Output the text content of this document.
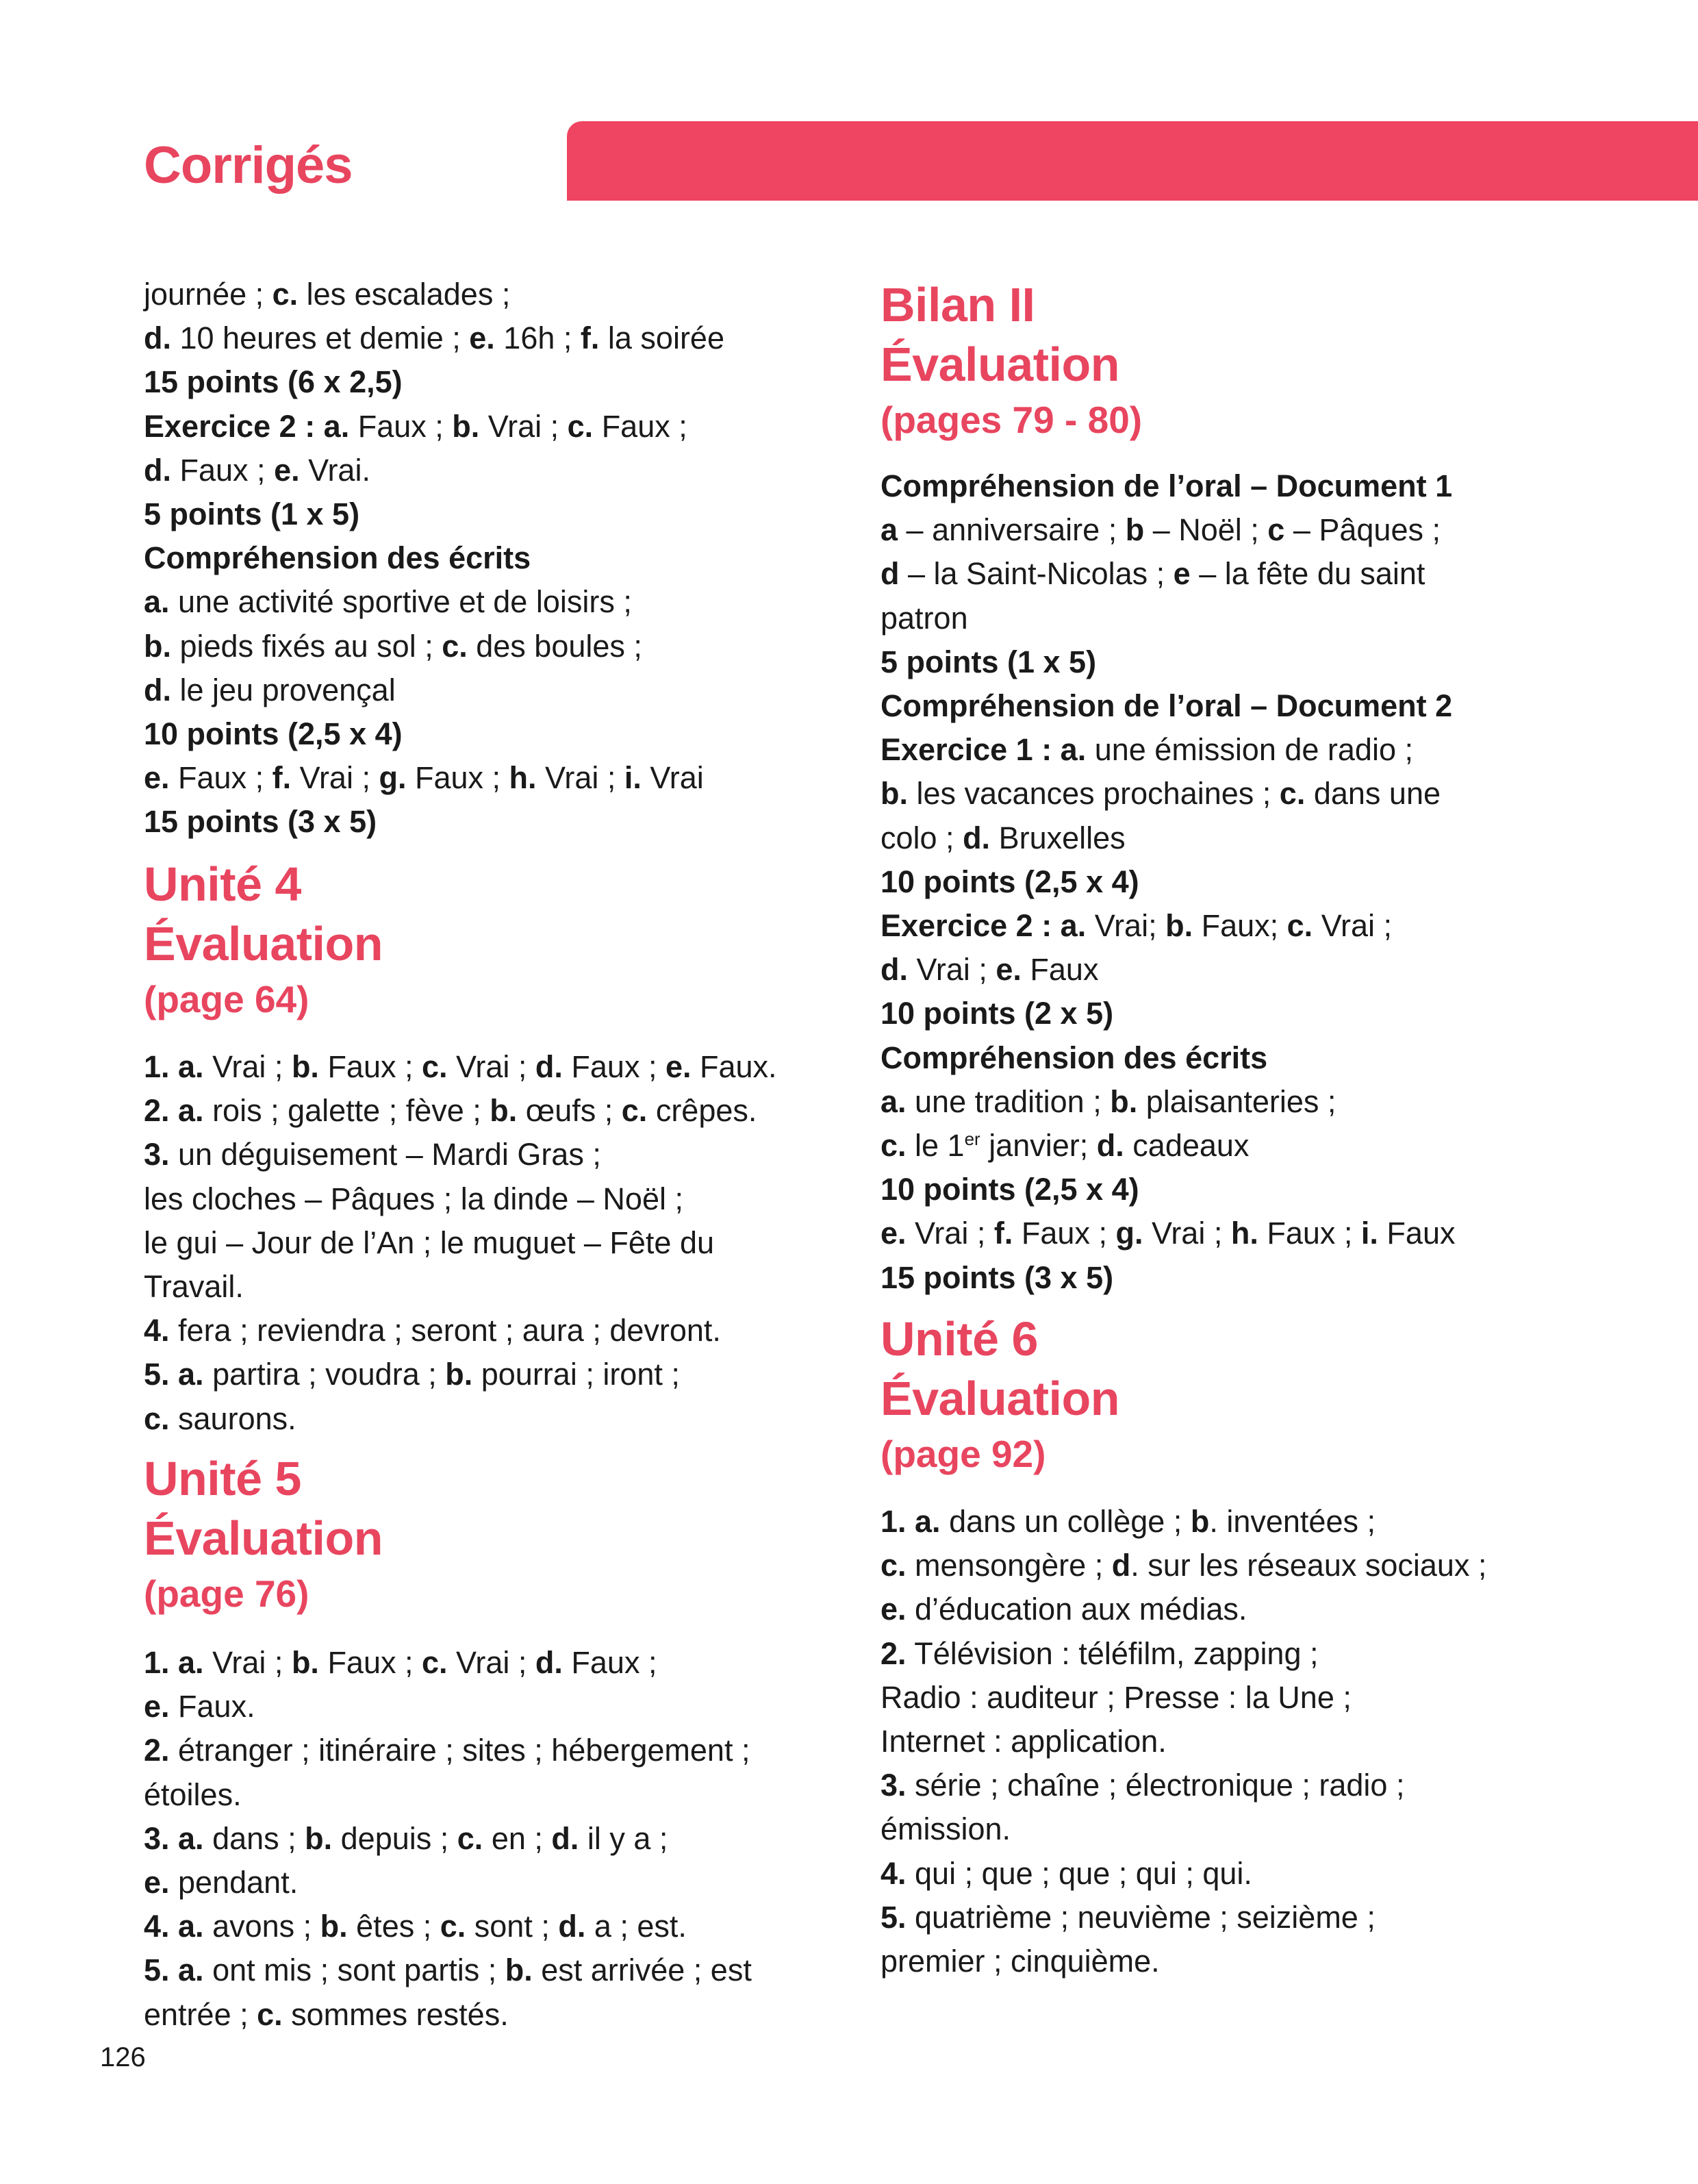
Corrigés
journée ; c. les escalades ;
d. 10 heures et demie ; e. 16h ; f. la soirée
15 points (6 x 2,5)
Exercice 2 : a. Faux ; b. Vrai ; c. Faux ;
d. Faux ; e. Vrai.
5 points (1 x 5)
Compréhension des écrits
a. une activité sportive et de loisirs ;
b. pieds fixés au sol ; c. des boules ;
d. le jeu provençal
10 points (2,5 x 4)
e. Faux ; f. Vrai ; g. Faux ; h. Vrai ; i. Vrai
15 points (3 x 5)
Unité 4
Évaluation
(page 64)
1. a. Vrai ; b. Faux ; c. Vrai ; d. Faux ; e. Faux.
2. a. rois ; galette ; fève ; b. œufs ; c. crêpes.
3. un déguisement – Mardi Gras ;
les cloches – Pâques ; la dinde – Noël ;
le gui – Jour de l’An ; le muguet – Fête du
Travail.
4. fera ; reviendra ; seront ; aura ; devront.
5. a. partira ; voudra ; b. pourrai ; iront ;
c. saurons.
Unité 5
Évaluation
(page 76)
1. a. Vrai ; b. Faux ; c. Vrai ; d. Faux ;
e. Faux.
2. étranger ; itinéraire ; sites ; hébergement ;
étoiles.
3. a. dans ; b. depuis ; c. en ; d. il y a ;
e. pendant.
4. a. avons ; b. êtes ; c. sont ; d. a ; est.
5. a. ont mis ; sont partis ; b. est arrivée ; est
entrée ; c. sommes restés.
Bilan II
Évaluation
(pages 79 - 80)
Compréhension de l’oral – Document 1
a – anniversaire ; b – Noël ; c – Pâques ;
d – la Saint-Nicolas ; e – la fête du saint
patron
5 points (1 x 5)
Compréhension de l’oral – Document 2
Exercice 1 : a. une émission de radio ;
b. les vacances prochaines ; c. dans une
colo ; d. Bruxelles
10 points (2,5 x 4)
Exercice 2 : a. Vrai; b. Faux; c. Vrai ;
d. Vrai ; e. Faux
10 points (2 x 5)
Compréhension des écrits
a. une tradition ; b. plaisanteries ;
c. le 1er janvier; d. cadeaux
10 points (2,5 x 4)
e. Vrai ; f. Faux ; g. Vrai ; h. Faux ; i. Faux
15 points (3 x 5)
Unité 6
Évaluation
(page 92)
1. a. dans un collège ; b. inventées ;
c. mensongère ; d. sur les réseaux sociaux ;
e. d’éducation aux médias.
2. Télévision : téléfilm, zapping ;
Radio : auditeur ; Presse : la Une ;
Internet : application.
3. série ; chaîne ; électronique ; radio ;
émission.
4. qui ; que ; que ; qui ; qui.
5. quatrième ; neuvième ; seizième ;
premier ; cinquième.
126
